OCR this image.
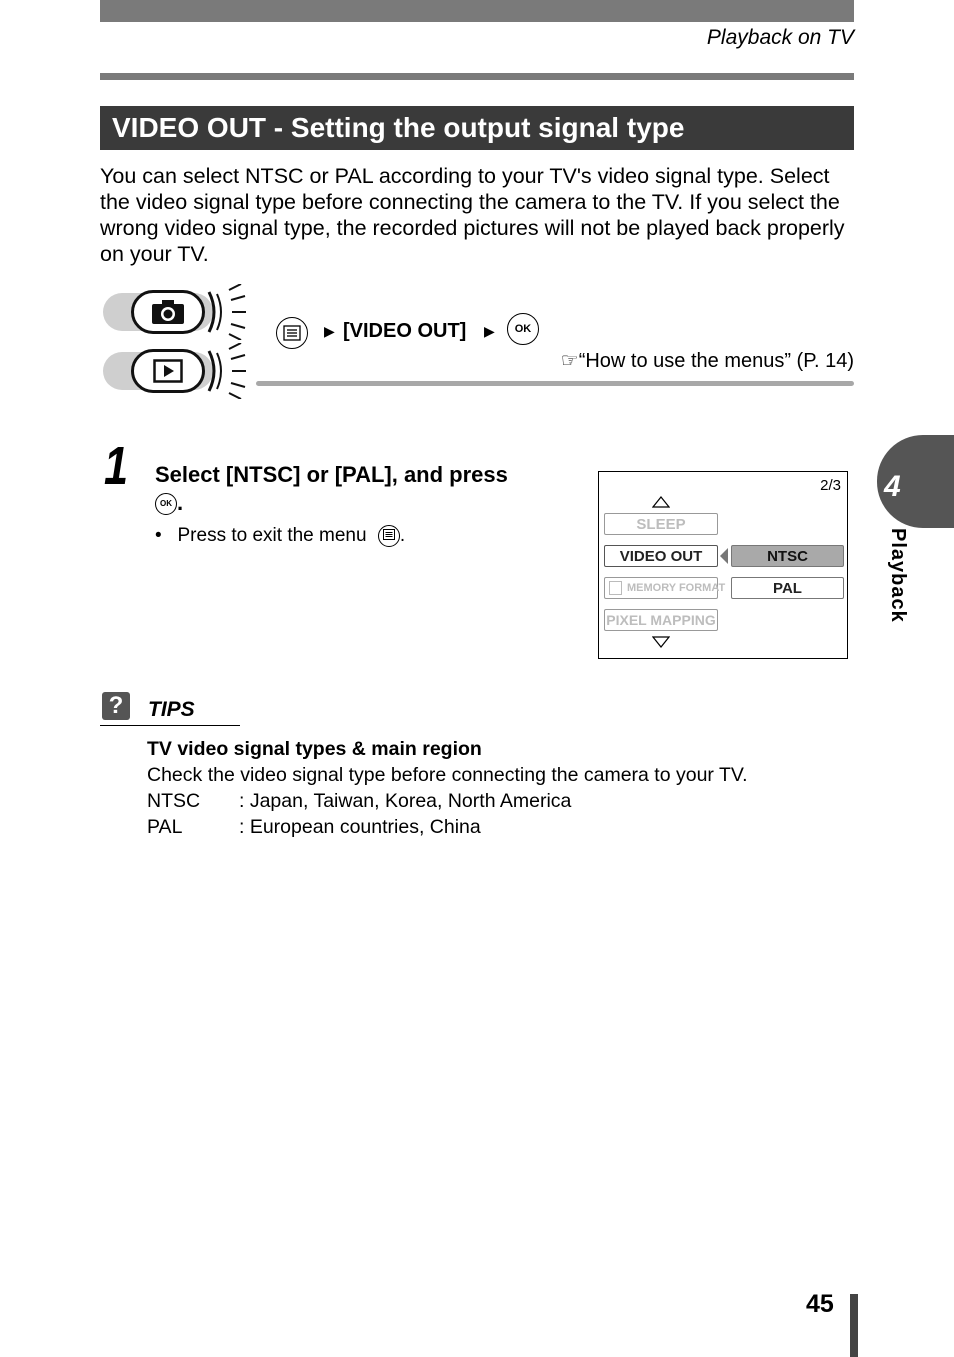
Playback on TV
VIDEO OUT - Setting the output signal type

You can select NTSC or PAL according to your TV's video signal type. Select the video signal type before connecting the camera to the TV. If you select the wrong video signal type, the recorded pictures will not be played back properly on your TV.

▶ [VIDEO OUT] ▶	OK
☞“How to use the menus” (P. 14)
1 Select [NTSC] or [PAL], and press OK .
• Press to exit the menu .
2/3
SLEEP
VIDEO OUT	NTSC
MEMORY FORMAT	PAL
PIXEL MAPPING
?	TIPS
TV video signal types & main region
Check the video signal type before connecting the camera to your TV.
NTSC : Japan, Taiwan, Korea, North America
PAL	: European countries, China
4
Playback
45
